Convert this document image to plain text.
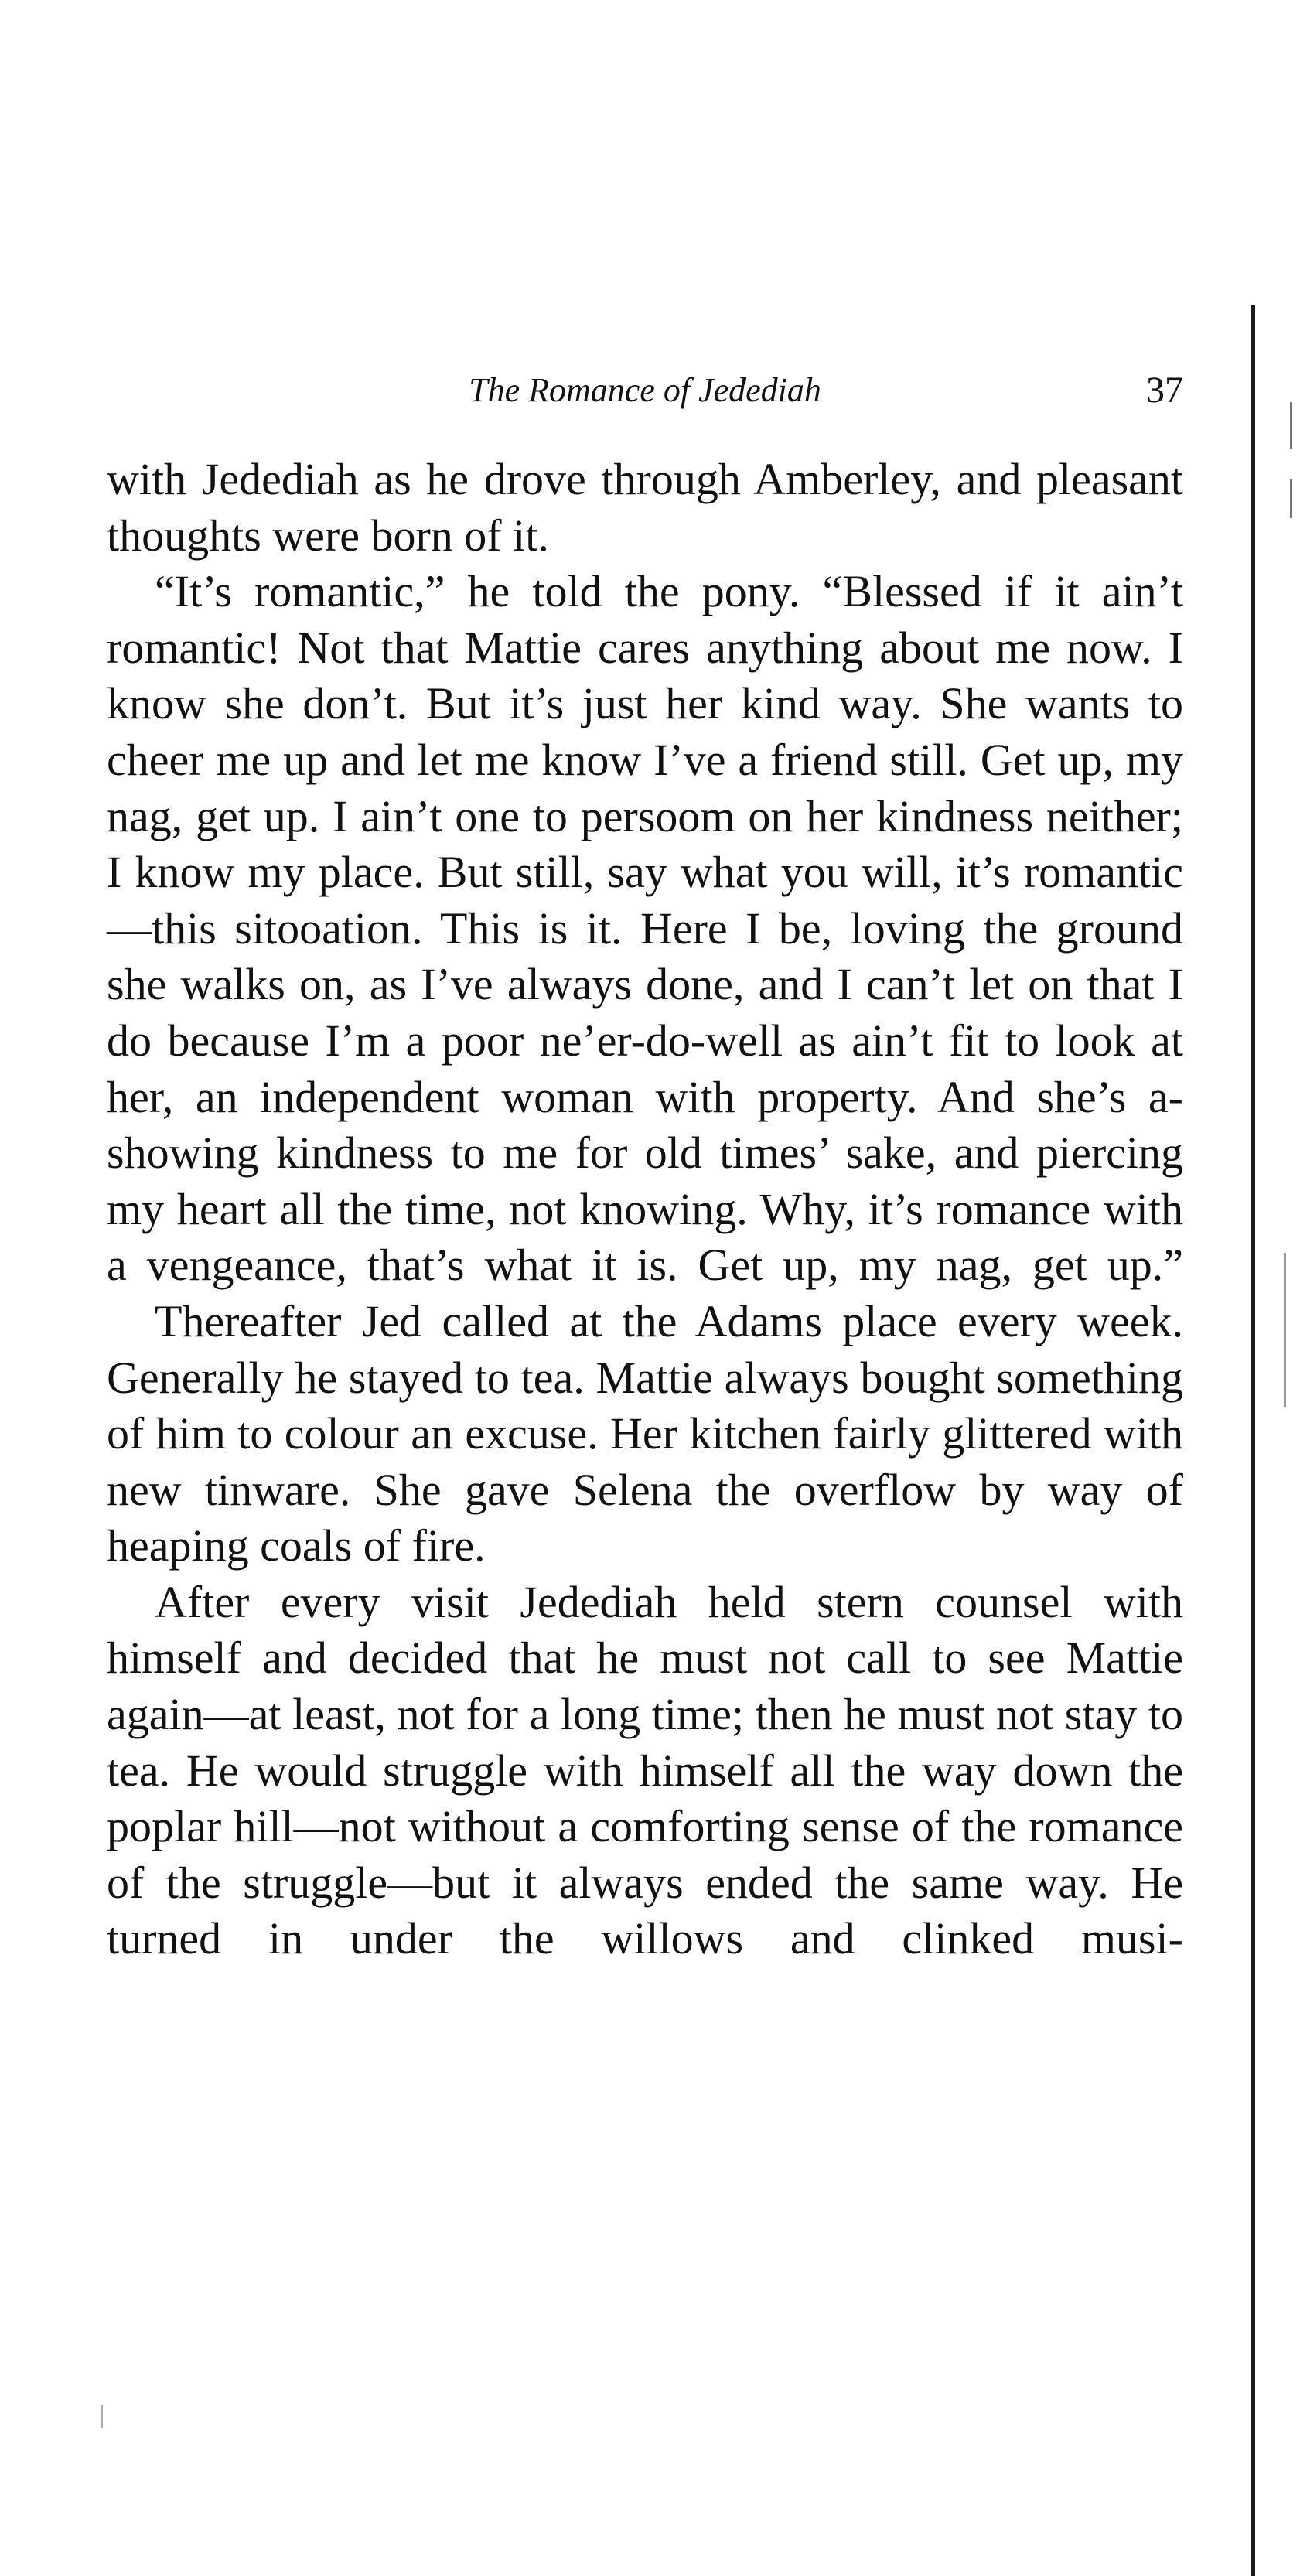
The Romance of Jedediah	37

with Jedediah as he drove through Amberley, and pleasant thoughts were born of it.

“It’s romantic,” he told the pony. “Blessed if it ain’t romantic! Not that Mattie cares anything about me now. I know she don’t. But it’s just her kind way. She wants to cheer me up and let me know I’ve a friend still. Get up, my nag, get up. I ain’t one to persoom on her kindness neither; I know my place. But still, say what you will, it’s romantic—this sitooation. This is it. Here I be, loving the ground she walks on, as I’ve always done, and I can’t let on that I do because I’m a poor ne’er-do-well as ain’t fit to look at her, an independent woman with property. And she’s a-showing kindness to me for old times’ sake, and piercing my heart all the time, not knowing. Why, it’s romance with a vengeance, that’s what it is. Get up, my nag, get up.”

Thereafter Jed called at the Adams place every week. Generally he stayed to tea. Mattie always bought something of him to colour an excuse. Her kitchen fairly glittered with new tinware. She gave Selena the overflow by way of heaping coals of fire.

After every visit Jedediah held stern counsel with himself and decided that he must not call to see Mattie again—at least, not for a long time; then he must not stay to tea. He would struggle with himself all the way down the poplar hill—not without a comforting sense of the romance of the struggle—but it always ended the same way. He turned in under the willows and clinked musi-
